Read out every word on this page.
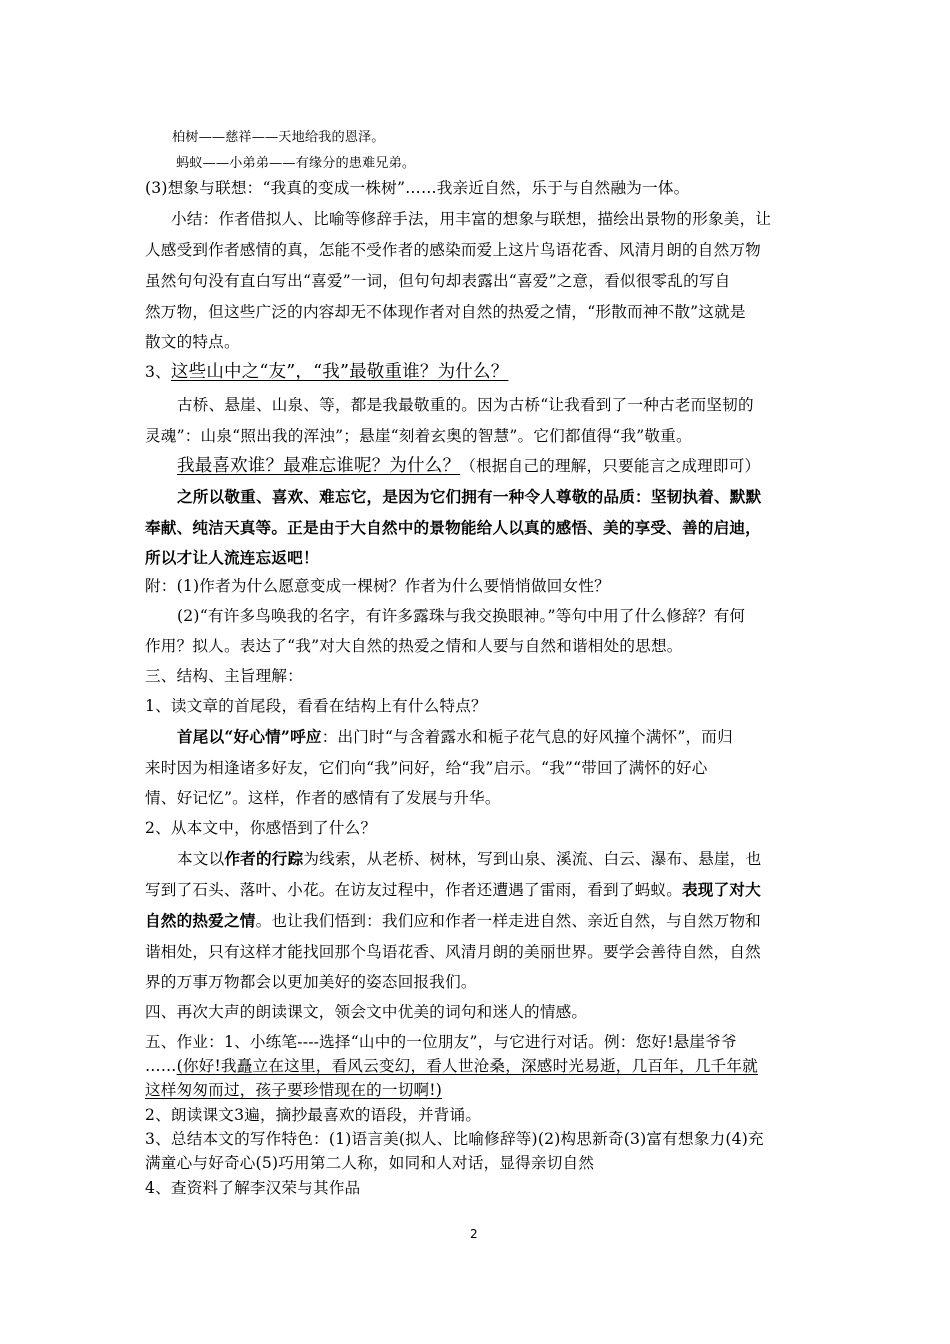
柏树——慈祥——天地给我的恩泽。
蚂蚁——小弟弟——有缘分的患难兄弟。
(3)想象与联想：“我真的变成一株树”……我亲近自然，乐于与自然融为一体。
小结：作者借拟人、比喻等修辞手法，用丰富的想象与联想，描绘出景物的形象美，让
人感受到作者感情的真，怎能不受作者的感染而爱上这片鸟语花香、风清月朗的自然万物
虽然句句没有直白写出“喜爱”一词，但句句却表露出“喜爱”之意，看似很零乱的写自
然万物，但这些广泛的内容却无不体现作者对自然的热爱之情，“形散而神不散”这就是
散文的特点。
3、这些山中之“友”，“我”最敬重谁？为什么？
古桥、悬崖、山泉、等，都是我最敬重的。因为古桥“让我看到了一种古老而坚韧的
灵魂”：山泉“照出我的浑浊”；悬崖“刻着玄奥的智慧”。它们都值得“我”敬重。
我最喜欢谁？最难忘谁呢？为什么？（根据自己的理解，只要能言之成理即可）
之所以敬重、喜欢、难忘它，是因为它们拥有一种令人尊敬的品质：坚韧执着、默默
奉献、纯洁天真等。正是由于大自然中的景物能给人以真的感悟、美的享受、善的启迪，
所以才让人流连忘返吧！
附：(1)作者为什么愿意变成一棵树？作者为什么要悄悄做回女性？
(2)“有许多鸟唤我的名字，有许多露珠与我交换眼神。”等句中用了什么修辞？有何
作用？拟人。表达了“我”对大自然的热爱之情和人要与自然和谐相处的思想。
三、结构、主旨理解：
1、读文章的首尾段，看看在结构上有什么特点？
首尾以“好心情”呼应：出门时“与含着露水和栀子花气息的好风撞个满怀”，而归
来时因为相逢诸多好友，它们向“我”问好，给“我”启示。“我”“带回了满怀的好心
情、好记忆”。这样，作者的感情有了发展与升华。
2、从本文中，你感悟到了什么？
本文以作者的行踪为线索，从老桥、树林，写到山泉、溪流、白云、瀑布、悬崖，也
写到了石头、落叶、小花。在访友过程中，作者还遭遇了雷雨，看到了蚂蚁。表现了对大
自然的热爱之情。也让我们悟到：我们应和作者一样走进自然、亲近自然，与自然万物和
谐相处，只有这样才能找回那个鸟语花香、风清月朗的美丽世界。要学会善待自然，自然
界的万事万物都会以更加美好的姿态回报我们。
四、再次大声的朗读课文，领会文中优美的词句和迷人的情感。
五、作业：1、小练笔----选择“山中的一位朋友”，与它进行对话。例：您好!悬崖爷爷
……(你好!我矗立在这里，看风云变幻，看人世沧桑，深感时光易逝，几百年，几千年就
这样匆匆而过，孩子要珍惜现在的一切啊!)
2、朗读课文3遍，摘抄最喜欢的语段，并背诵。
3、总结本文的写作特色：(1)语言美(拟人、比喻修辞等)(2)构思新奇(3)富有想象力(4)充
满童心与好奇心(5)巧用第二人称，如同和人对话，显得亲切自然
4、查资料了解李汉荣与其作品
2
